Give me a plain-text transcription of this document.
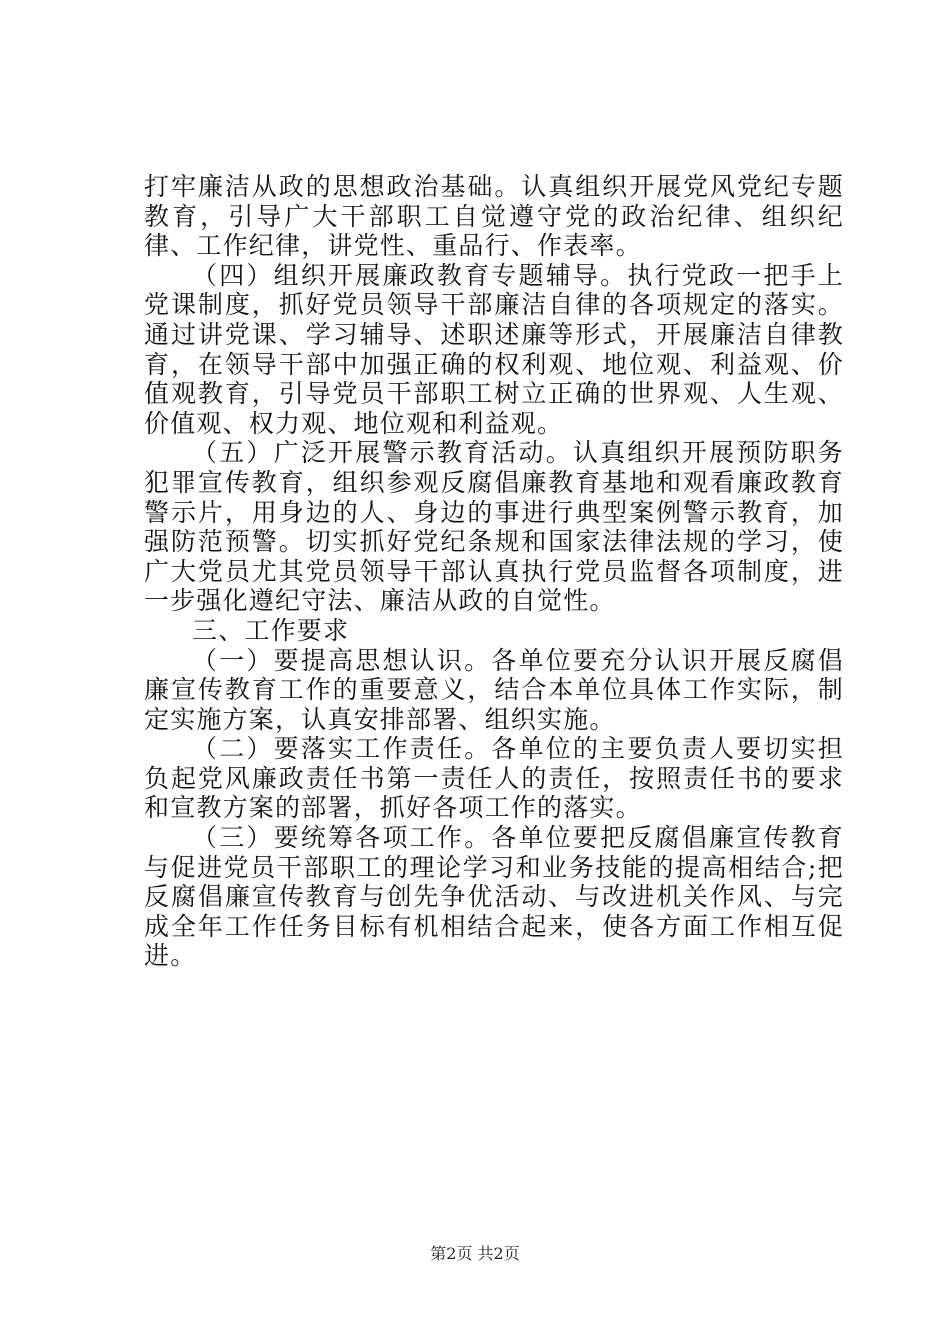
打牢廉洁从政的思想政治基础。认真组织开展党风党纪专题教育，引导广大干部职工自觉遵守党的政治纪律、组织纪律、工作纪律，讲党性、重品行、作表率。

（四）组织开展廉政教育专题辅导。执行党政一把手上党课制度，抓好党员领导干部廉洁自律的各项规定的落实。通过讲党课、学习辅导、述职述廉等形式，开展廉洁自律教育，在领导干部中加强正确的权利观、地位观、利益观、价值观教育，引导党员干部职工树立正确的世界观、人生观、价值观、权力观、地位观和利益观。

（五）广泛开展警示教育活动。认真组织开展预防职务犯罪宣传教育，组织参观反腐倡廉教育基地和观看廉政教育警示片，用身边的人、身边的事进行典型案例警示教育，加强防范预警。切实抓好党纪条规和国家法律法规的学习，使广大党员尤其党员领导干部认真执行党员监督各项制度，进一步强化遵纪守法、廉洁从政的自觉性。

三、工作要求

（一）要提高思想认识。各单位要充分认识开展反腐倡廉宣传教育工作的重要意义，结合本单位具体工作实际，制定实施方案，认真安排部署、组织实施。

（二）要落实工作责任。各单位的主要负责人要切实担负起党风廉政责任书第一责任人的责任，按照责任书的要求和宣教方案的部署，抓好各项工作的落实。

（三）要统筹各项工作。各单位要把反腐倡廉宣传教育与促进党员干部职工的理论学习和业务技能的提高相结合;把反腐倡廉宣传教育与创先争优活动、与改进机关作风、与完成全年工作任务目标有机相结合起来，使各方面工作相互促进。

第2页 共2页
